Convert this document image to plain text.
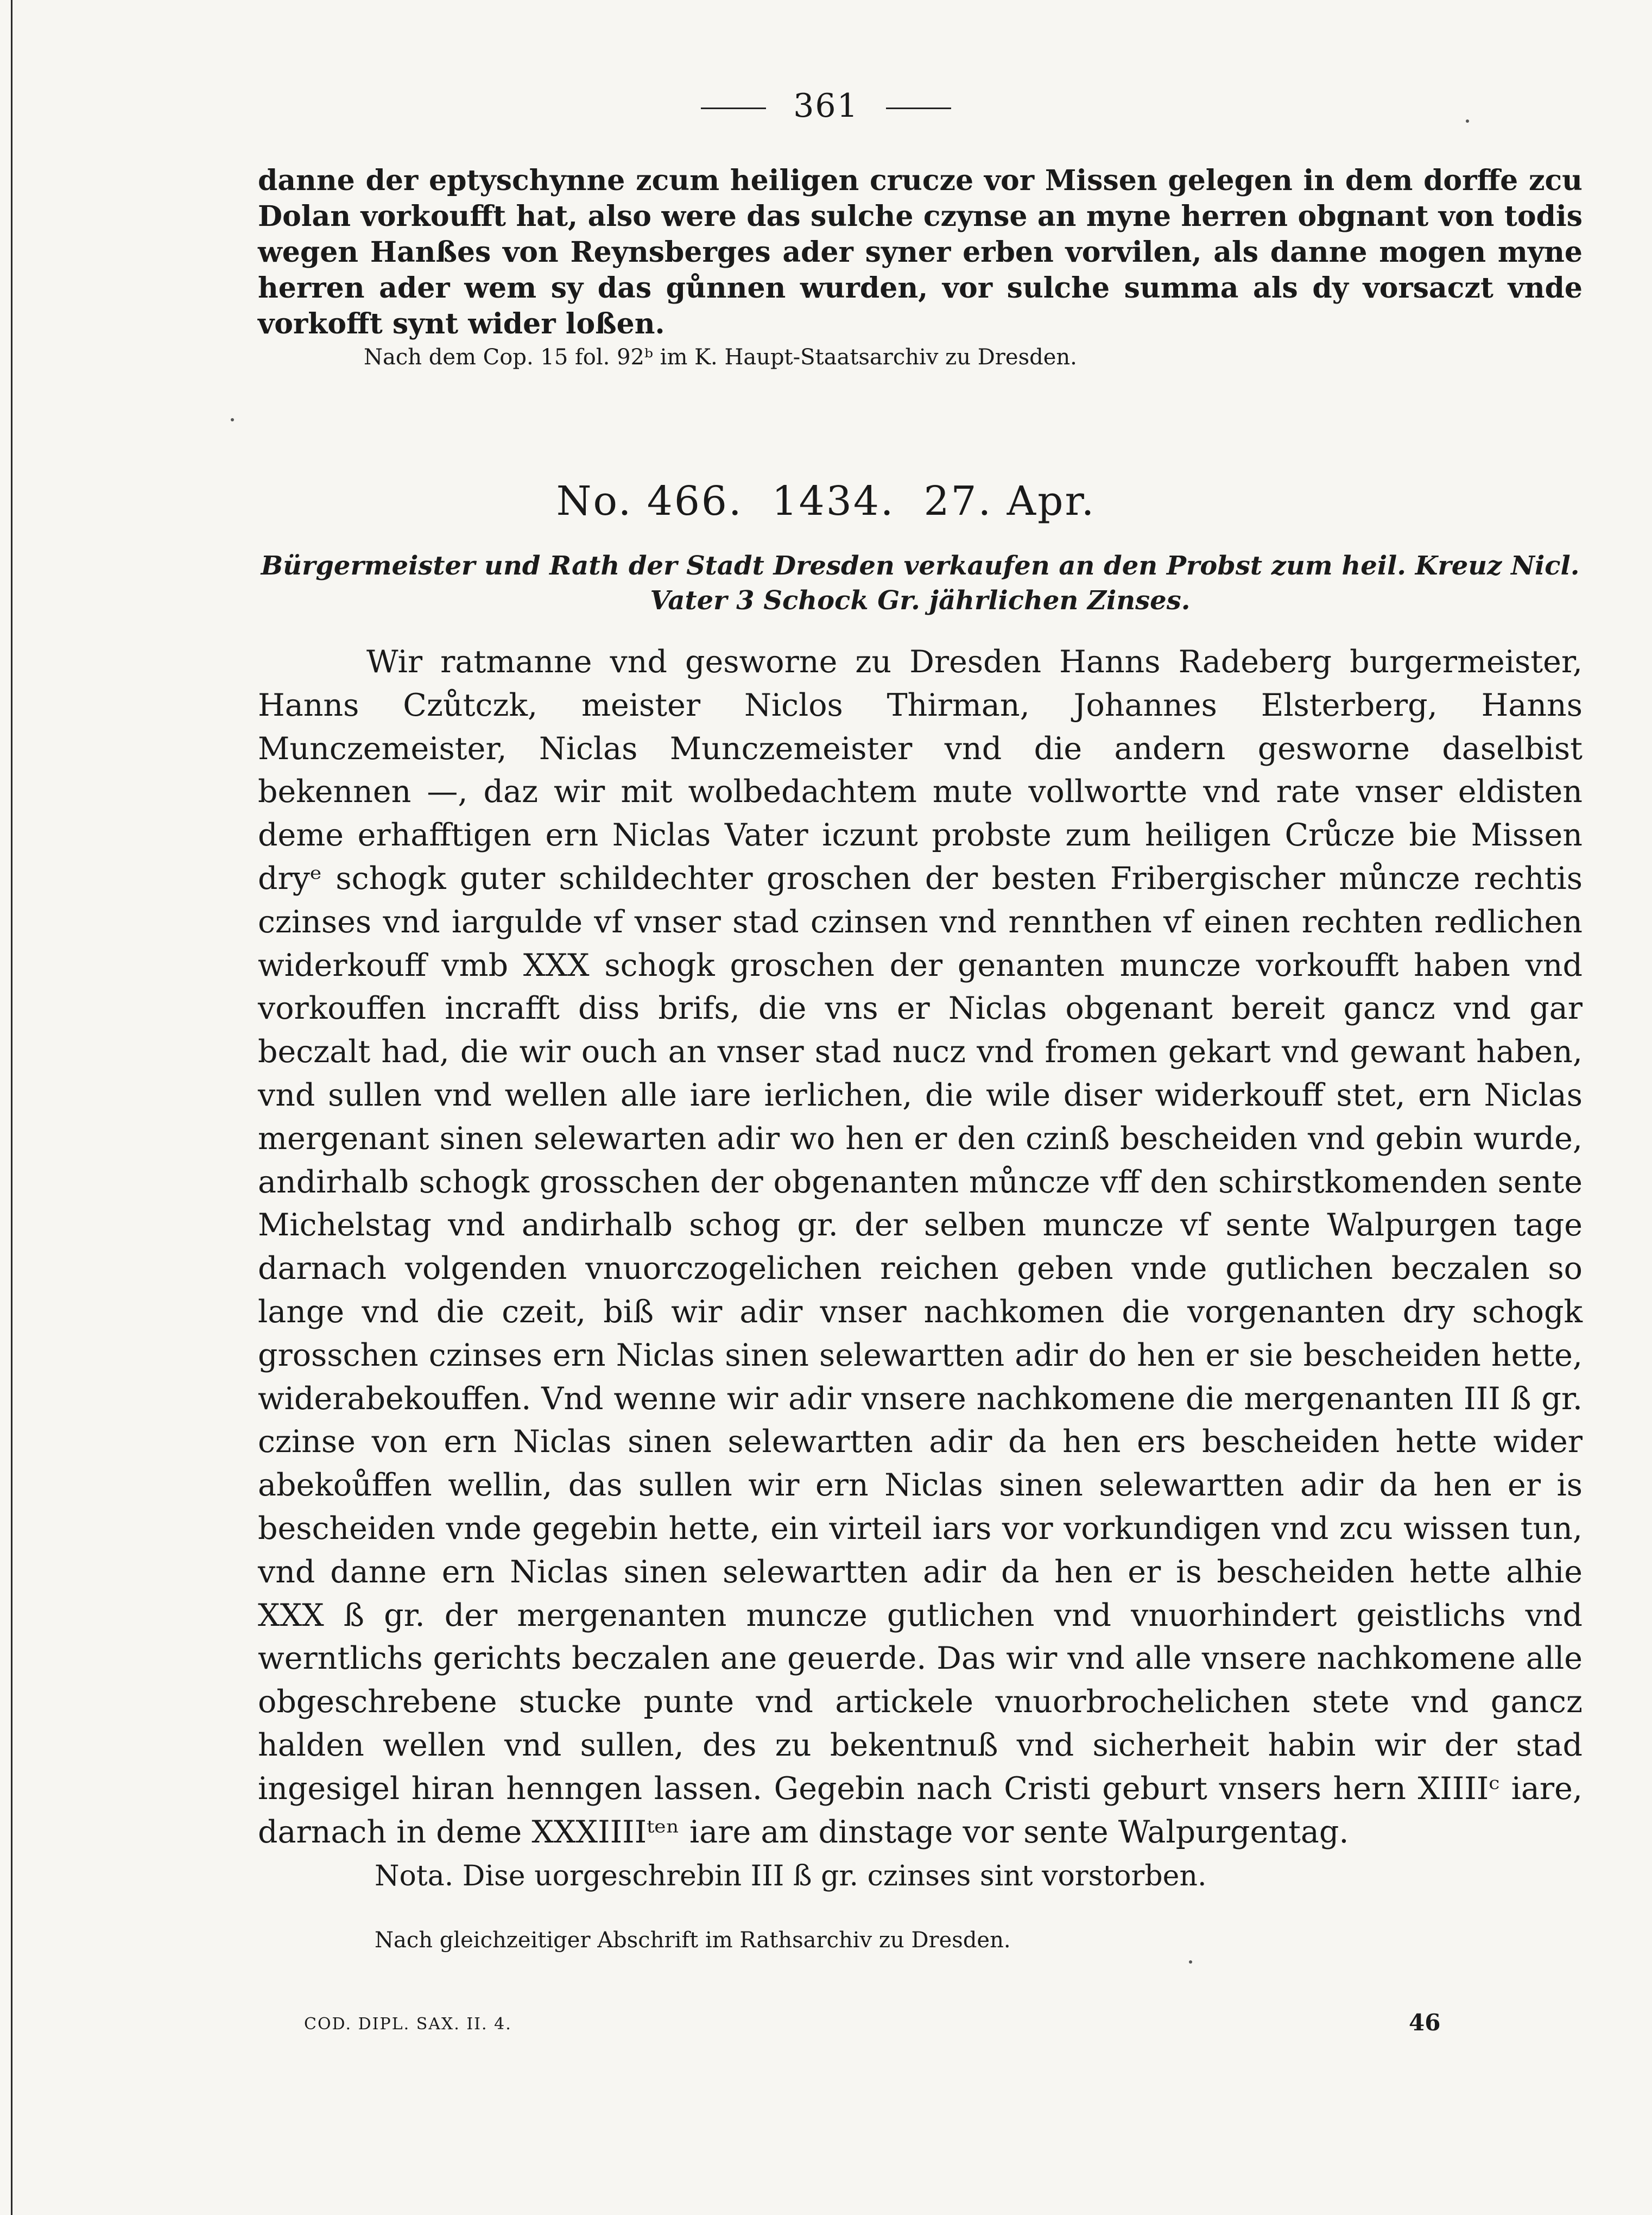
361
danne der eptyschynne zcum heiligen crucze vor Missen gelegen in dem dorffe zcu Dolan vorkoufft hat, also were das sulche czynse an myne herren obgnant von todis wegen Hanßes von Reynsberges ader syner erben vorvilen, als danne mogen myne herren ader wem sy das gůnnen wurden, vor sulche summa als dy vorsaczt vnde vorkofft synt wider loßen.
Nach dem Cop. 15 fol. 92ᵇ im K. Haupt-Staatsarchiv zu Dresden.
No. 466.  1434.  27. Apr.
Bürgermeister und Rath der Stadt Dresden verkaufen an den Probst zum heil. Kreuz Nicl.
Vater 3 Schock Gr. jährlichen Zinses.
Wir ratmanne vnd gesworne zu Dresden Hanns Radeberg burgermeister, Hanns Czůtczk, meister Niclos Thirman, Johannes Elsterberg, Hanns Munczemeister, Niclas Munczemeister vnd die andern gesworne daselbist bekennen —, daz wir mit wolbedachtem mute vollwortte vnd rate vnser eldisten deme erhafftigen ern Niclas Vater iczunt probste zum heiligen Crůcze bie Missen dryᵉ schogk guter schildechter groschen der besten Fribergischer můncze rechtis czinses vnd iargulde vf vnser stad czinsen vnd rennthen vf einen rechten redlichen widerkouff vmb XXX schogk groschen der genanten muncze vorkoufft haben vnd vorkouffen incrafft diss brifs, die vns er Niclas obgenant bereit gancz vnd gar beczalt had, die wir ouch an vnser stad nucz vnd fromen gekart vnd gewant haben, vnd sullen vnd wellen alle iare ierlichen, die wile diser widerkouff stet, ern Niclas mergenant sinen selewarten adir wo hen er den czinß bescheiden vnd gebin wurde, andirhalb schogk grosschen der obgenanten můncze vff den schirstkomenden sente Michelstag vnd andirhalb schog gr. der selben muncze vf sente Walpurgen tage darnach volgenden vnuorczogelichen reichen geben vnde gutlichen beczalen so lange vnd die czeit, biß wir adir vnser nachkomen die vorgenanten dry schogk grosschen czinses ern Niclas sinen selewartten adir do hen er sie bescheiden hette, widerabekouffen. Vnd wenne wir adir vnsere nachkomene die mergenanten III ß gr. czinse von ern Niclas sinen selewartten adir da hen ers bescheiden hette wider abekoůffen wellin, das sullen wir ern Niclas sinen selewartten adir da hen er is bescheiden vnde gegebin hette, ein virteil iars vor vorkundigen vnd zcu wissen tun, vnd danne ern Niclas sinen selewartten adir da hen er is bescheiden hette alhie XXX ß gr. der mergenanten muncze gutlichen vnd vnuorhindert geistlichs vnd werntlichs gerichts beczalen ane geuerde. Das wir vnd alle vnsere nachkomene alle obgeschrebene stucke punte vnd artickele vnuorbrochelichen stete vnd gancz halden wellen vnd sullen, des zu bekentnuß vnd sicherheit habin wir der stad ingesigel hiran henngen lassen. Gegebin nach Cristi geburt vnsers hern XIIIIᶜ iare, darnach in deme XXXIIIIᵗᵉⁿ iare am dinstage vor sente Walpurgentag.
Nota. Dise uorgeschrebin III ß gr. czinses sint vorstorben.
Nach gleichzeitiger Abschrift im Rathsarchiv zu Dresden.
COD. DIPL. SAX. II. 4.	46
